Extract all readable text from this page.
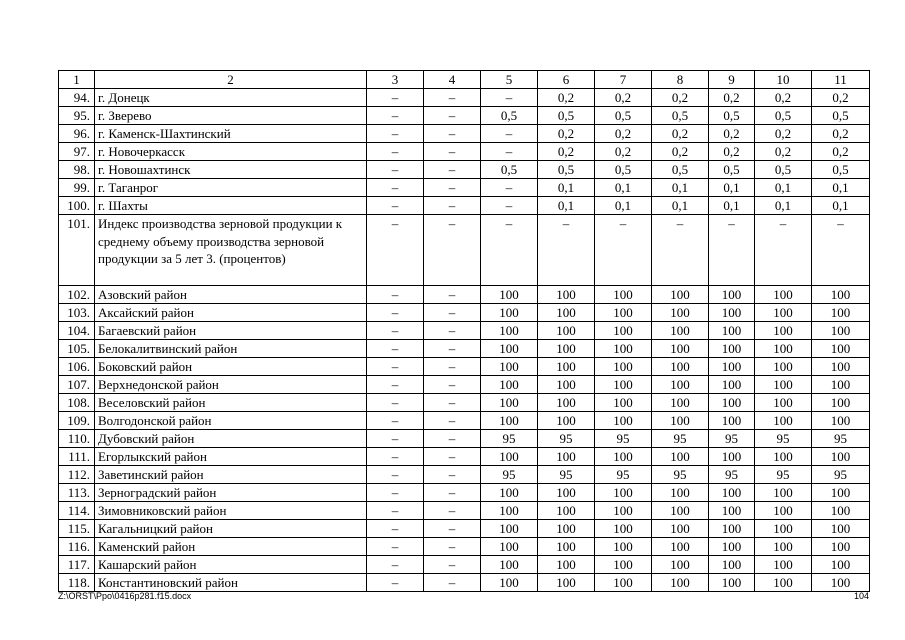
1	2	3	4	5	6	7	8	9	10	11
94.	г. Донецк	–	–	–	0,2	0,2	0,2	0,2	0,2	0,2
95.	г. Зверево	–	–	0,5	0,5	0,5	0,5	0,5	0,5	0,5
96.	г. Каменск-Шахтинский	–	–	–	0,2	0,2	0,2	0,2	0,2	0,2
97.	г. Новочеркасск	–	–	–	0,2	0,2	0,2	0,2	0,2	0,2
98.	г. Новошахтинск	–	–	0,5	0,5	0,5	0,5	0,5	0,5	0,5
99.	г. Таганрог	–	–	–	0,1	0,1	0,1	0,1	0,1	0,1
100.	г. Шахты	–	–	–	0,1	0,1	0,1	0,1	0,1	0,1
101.	Индекс производства зерновой продукции к среднему объему производства зерновой продукции за 5 лет 3. (процентов)	–	–	–	–	–	–	–	–	–
102.	Азовский район	–	–	100	100	100	100	100	100	100
103.	Аксайский район	–	–	100	100	100	100	100	100	100
104.	Багаевский район	–	–	100	100	100	100	100	100	100
105.	Белокалитвинский район	–	–	100	100	100	100	100	100	100
106.	Боковский район	–	–	100	100	100	100	100	100	100
107.	Верхнедонской район	–	–	100	100	100	100	100	100	100
108.	Веселовский район	–	–	100	100	100	100	100	100	100
109.	Волгодонской район	–	–	100	100	100	100	100	100	100
110.	Дубовский район	–	–	95	95	95	95	95	95	95
111.	Егорлыкский район	–	–	100	100	100	100	100	100	100
112.	Заветинский район	–	–	95	95	95	95	95	95	95
113.	Зерноградский район	–	–	100	100	100	100	100	100	100
114.	Зимовниковский район	–	–	100	100	100	100	100	100	100
115.	Кагальницкий район	–	–	100	100	100	100	100	100	100
116.	Каменский район	–	–	100	100	100	100	100	100	100
117.	Кашарский район	–	–	100	100	100	100	100	100	100
118.	Константиновский район	–	–	100	100	100	100	100	100	100
Z:\ORST\Ppo\0416p281.f15.docx	104
